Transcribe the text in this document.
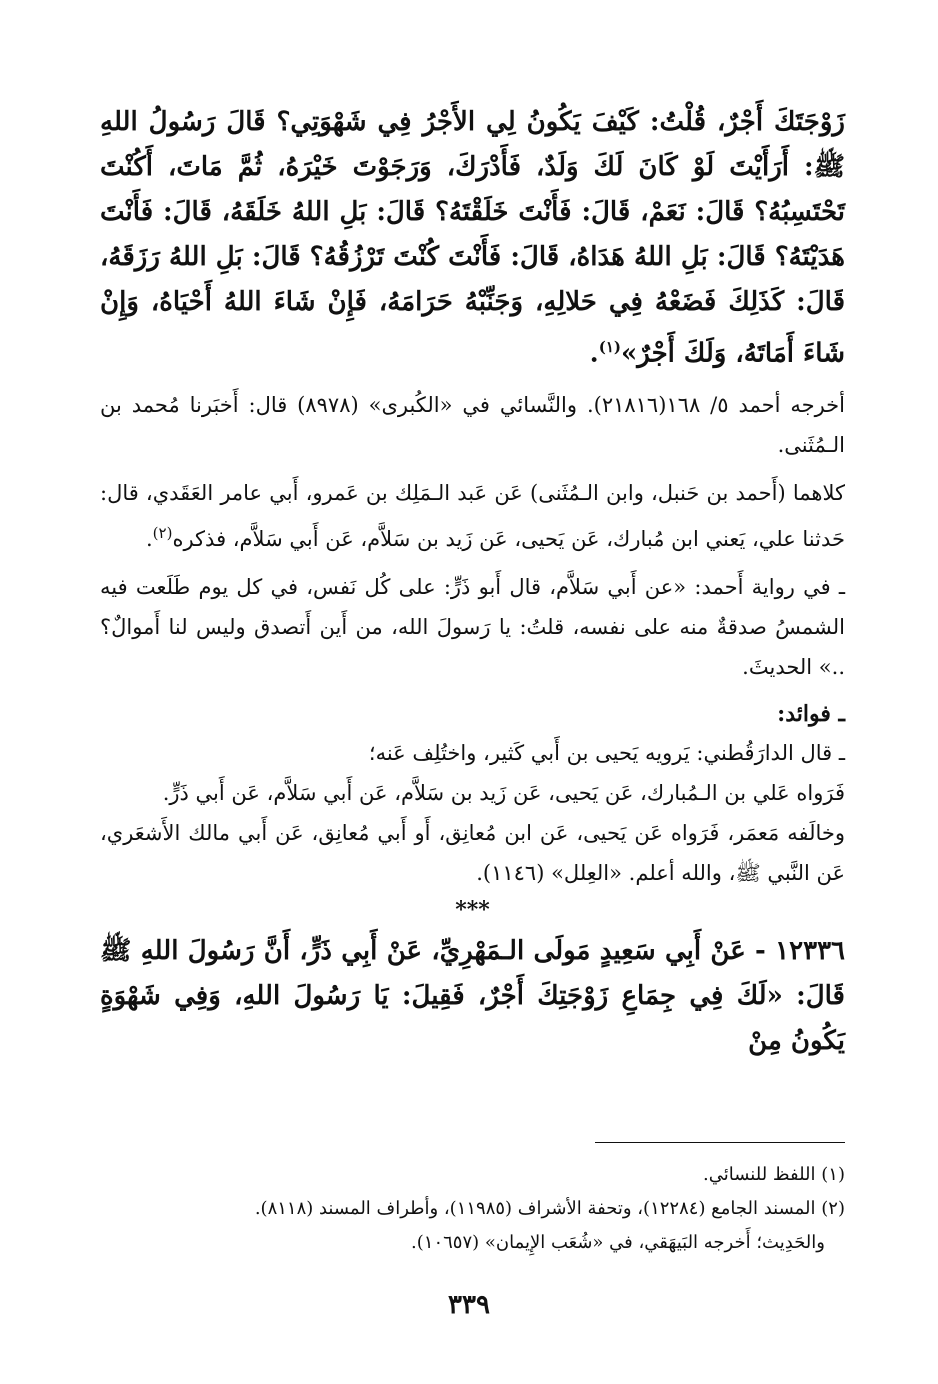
زَوْجَتَكَ أَجْرٌ، قُلْتُ: كَيْفَ يَكُونُ لِي الأَجْرُ فِي شَهْوَتِي؟ قَالَ رَسُولُ اللهِ ﷺ: أَرَأَيْتَ لَوْ كَانَ لَكَ وَلَدٌ، فَأَدْرَكَ، وَرَجَوْتَ خَيْرَهُ، ثُمَّ مَاتَ، أَكُنْتَ تَحْتَسِبُهُ؟ قَالَ: نَعَمْ، قَالَ: فَأَنْتَ خَلَقْتَهُ؟ قَالَ: بَلِ اللهُ خَلَقَهُ، قَالَ: فَأَنْتَ هَدَيْتَهُ؟ قَالَ: بَلِ اللهُ هَدَاهُ، قَالَ: فَأَنْتَ كُنْتَ تَرْزُقُهُ؟ قَالَ: بَلِ اللهُ رَزَقَهُ، قَالَ: كَذَلِكَ فَضَعْهُ فِي حَلالِهِ، وَجَنِّبْهُ حَرَامَهُ، فَإِنْ شَاءَ اللهُ أَحْيَاهُ، وَإِنْ شَاءَ أَمَاتَهُ، وَلَكَ أَجْرٌ»$^{(١)}$.

أخرجه أحمد ٥/ ١٦٨(٢١٨١٦). والنَّسائي في «الكُبرى» (٨٩٧٨) قال: أَخبَرنا مُحمد بن الـمُثَنى.

كلاهما (أَحمد بن حَنبل، وابن الـمُثَنى) عَن عَبد الـمَلِك بن عَمرو، أَبي عامر العَقَدي، قال: حَدثنا علي، يَعني ابن مُبارك، عَن يَحيى، عَن زَيد بن سَلاَّم، عَن أَبي سَلاَّم، فذكره$^{(٢)}$.

ـ في رواية أَحمد: «عن أَبي سَلاَّم، قال أَبو ذَرٍّ: على كُل نَفس، في كل يوم طَلَعت فيه الشمسُ صدقةٌ منه على نفسه، قلتُ: يا رَسولَ الله، من أَين أَتصدق وليس لنا أَموالٌ؟ ..» الحديثَ.

ـ فوائد:

ـ قال الدارَقُطني: يَرويه يَحيى بن أَبي كَثير، واختُلِف عَنه؛

فَرَواه عَلي بن الـمُبارك، عَن يَحيى، عَن زَيد بن سَلاَّم، عَن أَبي سَلاَّم، عَن أَبي ذَرٍّ.

وخالَفه مَعمَر، فَرَواه عَن يَحيى، عَن ابن مُعانِق، أَو أَبي مُعانِق، عَن أَبي مالك الأَشعَري، عَن النَّبي ﷺ، والله أعلم. «العِلل» (١١٤٦).

***

١٢٣٣٦ - عَنْ أَبِي سَعِيدٍ مَولَى الـمَهْرِيِّ، عَنْ أَبِي ذَرٍّ، أَنَّ رَسُولَ اللهِ ﷺ قَالَ: «لَكَ فِي جِمَاعِ زَوْجَتِكَ أَجْرٌ، فَقِيلَ: يَا رَسُولَ اللهِ، وَفِي شَهْوَةٍ يَكُونُ مِنْ

(١) اللفظ للنسائي.
(٢) المسند الجامع (١٢٢٨٤)، وتحفة الأشراف (١١٩٨٥)، وأطراف المسند (٨١١٨).
والحَدِيث؛ أَخرجه البَيهَقي، في «شُعَب الإِيمان» (١٠٦٥٧).
٣٣٩
